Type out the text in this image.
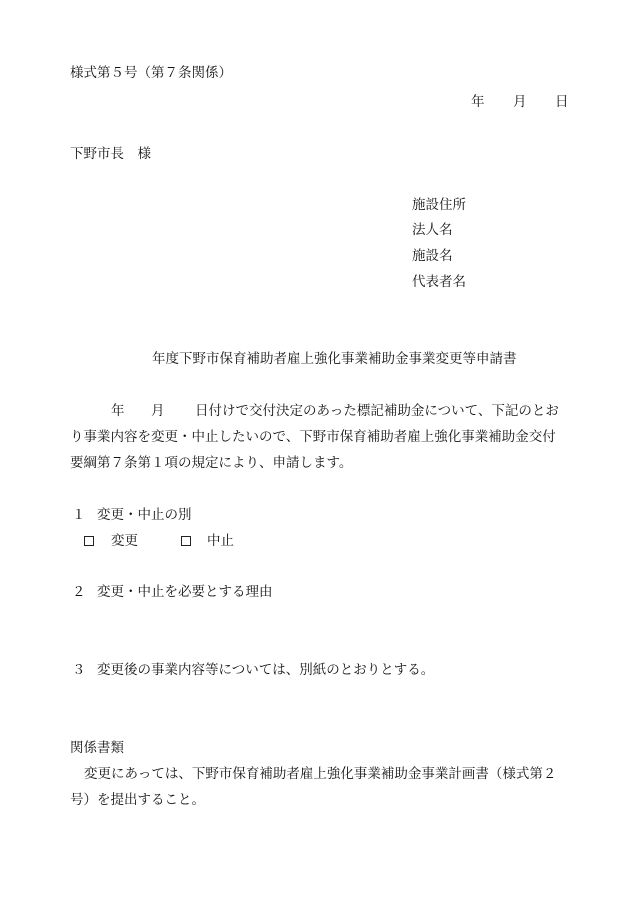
様式第５号（第７条関係）
年 月 日
下野市長　様
施設住所
法人名
施設名
代表者名
年度下野市保育補助者雇上強化事業補助金事業変更等申請書
年 月 日付けで交付決定のあった標記補助金について、下記のとお
り事業内容を変更・中止したいので、下野市保育補助者雇上強化事業補助金交付
要綱第７条第１項の規定により、申請します。
１ 変更・中止の別
変更	中止
２ 変更・中止を必要とする理由
３ 変更後の事業内容等については、別紙のとおりとする。
関係書類
変更にあっては、下野市保育補助者雇上強化事業補助金事業計画書（様式第２
号）を提出すること。
